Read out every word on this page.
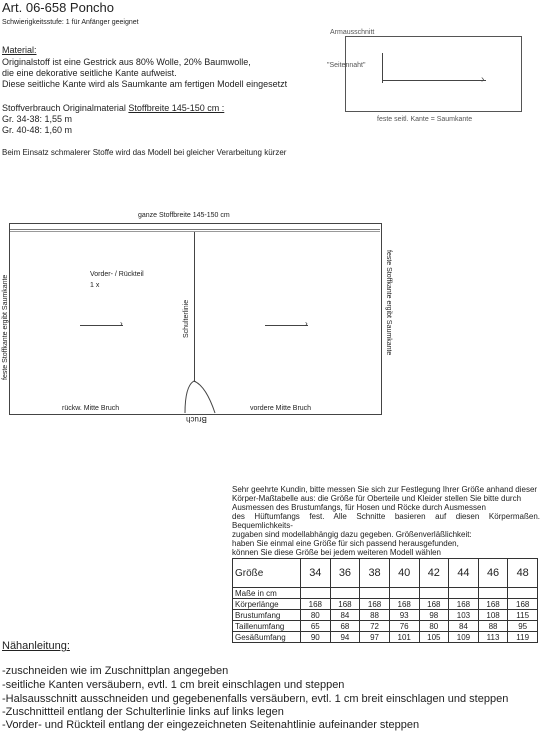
Art. 06-658 Poncho
Schwierigkeitsstufe: 1 für Anfänger geeignet
Material:
Originalstoff ist eine Gestrick aus 80% Wolle, 20% Baumwolle,
die eine dekorative seitliche Kante aufweist.
Diese seitliche Kante wird als Saumkante am fertigen Modell eingesetzt
Stoffverbrauch Originalmaterial Stoffbreite 145-150 cm :
Gr. 34-38: 1,55 m
Gr. 40-48: 1,60 m
Beim Einsatz schmalerer Stoffe wird das Modell bei gleicher Verarbeitung kürzer
Armausschnitt
"Seitennaht"
›
feste seitl. Kante = Saumkante
ganze Stoffbreite 145-150 cm
Vorder- / Rückteil
1 x
Schulterlinie
feste Stoffkante ergibt Saumkante	feste Stoffkante ergibt Saumkante
›	›
rückw. Mitte Bruch	vordere Mitte Bruch
Bruch
Sehr geehrte Kundin, bitte messen Sie sich zur Festlegung Ihrer Größe anhand dieser
Körper-Maßtabelle aus: die Größe für Oberteile und Kleider stellen Sie bitte durch
Ausmessen des Brustumfangs, für Hosen und Röcke durch Ausmessen
des Hüftumfangs fest. Alle Schnitte basieren auf diesen Körpermaßen. Bequemlichkeits-
zugaben sind modellabhängig dazu gegeben. Größenverläßlichkeit:
haben Sie einmal eine Größe für sich passend herausgefunden,
können Sie diese Größe bei jedem weiteren Modell wählen
Größe	34	36	38	40	42	44	46	48
Maße in cm								
Körperlänge	168	168	168	168	168	168	168	168
Brustumfang	80	84	88	93	98	103	108	115
Taillenumfang	65	68	72	76	80	84	88	95
Gesäßumfang	90	94	97	101	105	109	113	119
Nähanleitung:
-zuschneiden wie im Zuschnittplan angegeben
-seitliche Kanten versäubern, evtl. 1 cm breit einschlagen und steppen
-Halsausschnitt ausschneiden und gegebenenfalls versäubern, evtl. 1 cm breit einschlagen und steppen
-Zuschnittteil entlang der Schulterlinie links auf links legen
-Vorder- und Rückteil entlang der eingezeichneten Seitenahtlinie aufeinander steppen
